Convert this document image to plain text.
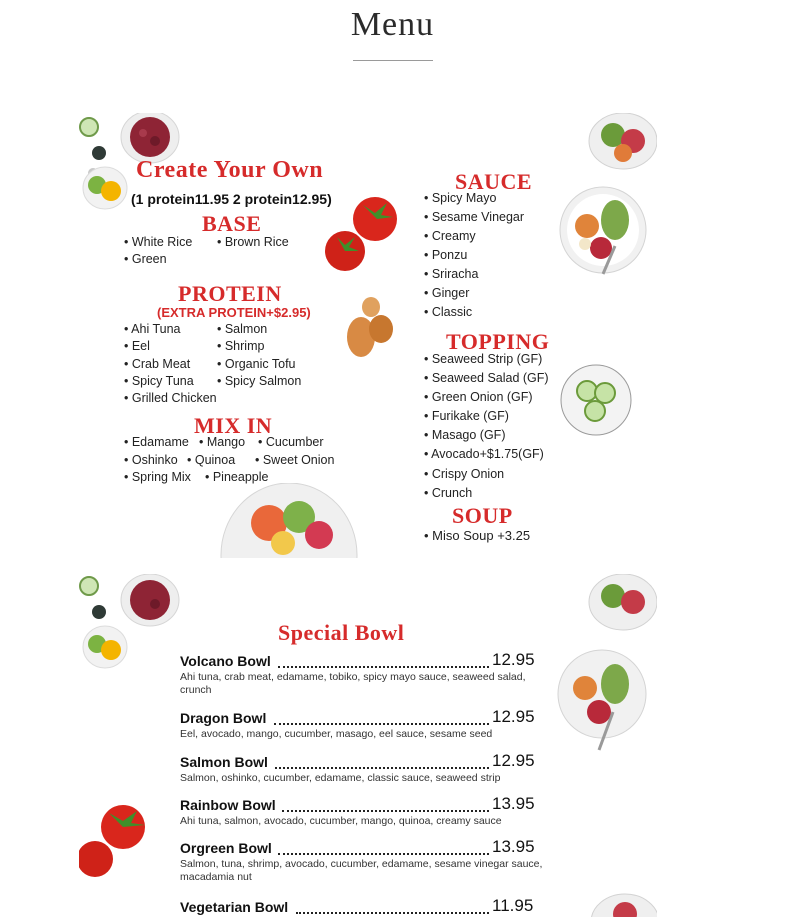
Menu
Create Your Own
(1 protein11.95 2 protein12.95)
BASE
• White Rice • Brown Rice
• Green
PROTEIN
(EXTRA PROTEIN+$2.95)
• Ahi Tuna	• Salmon
• Eel	• Shrimp
• Crab Meat • Organic Tofu
• Spicy Tuna • Spicy Salmon
• Grilled Chicken
MIX IN
• Edamame • Mango • Cucumber
• Oshinko • Quinoa • Sweet Onion
• Spring Mix • Pineapple
SAUCE
• Spicy Mayo
• Sesame Vinegar
• Creamy
• Ponzu
• Sriracha
• Ginger
• Classic
TOPPING
• Seaweed Strip (GF)
• Seaweed Salad (GF)
• Green Onion (GF)
• Furikake (GF)
• Masago (GF)
• Avocado+$1.75(GF)
• Crispy Onion
• Crunch
SOUP
• Miso Soup +3.25
Special Bowl
Volcano Bowl	12.95
Ahi tuna, crab meat, edamame, tobiko, spicy mayo sauce, seaweed salad, crunch
Dragon Bowl	12.95
Eel, avocado, mango, cucumber, masago, eel sauce, sesame seed
Salmon Bowl	12.95
Salmon, oshinko, cucumber, edamame, classic sauce, seaweed strip
Rainbow Bowl	13.95
Ahi tuna, salmon, avocado, cucumber, mango, quinoa, creamy sauce
Orgreen Bowl	13.95
Salmon, tuna, shrimp, avocado, cucumber, edamame, sesame vinegar sauce, macadamia nut
Vegetarian Bowl	11.95
